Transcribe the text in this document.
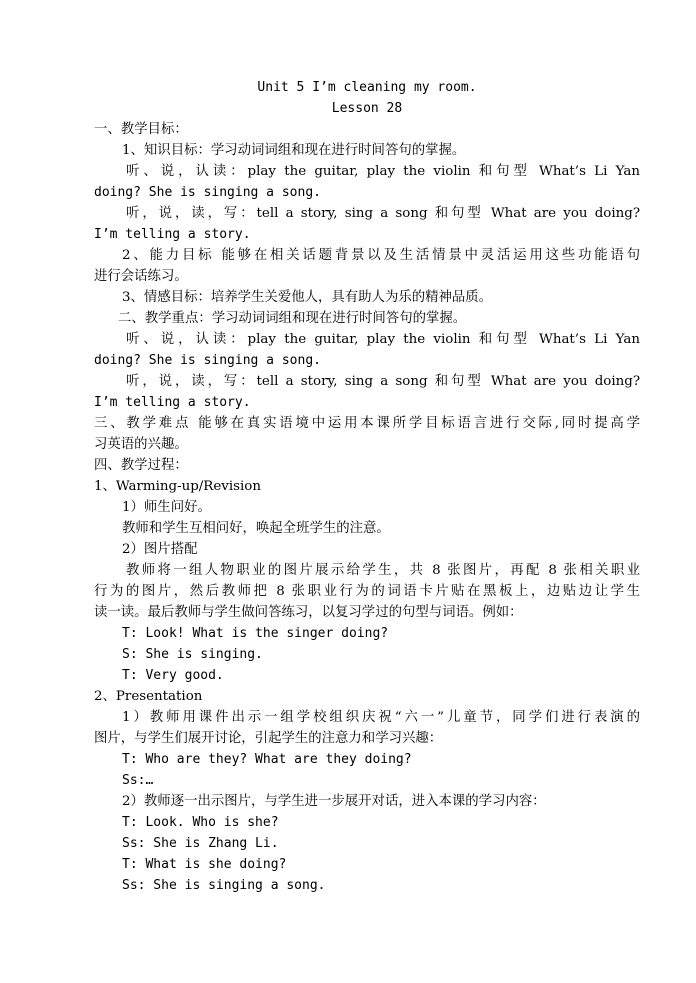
Unit 5 I’m cleaning my room.
Lesson 28
一、教学目标：
1、知识目标：学习动词词组和现在进行时间答句的掌握。
听、说，认读：play the guitar, play the violin 和句型 What’s Li Yan
doing? She is singing a song.
听，说，读，写：tell a story, sing a song 和句型 What are you doing?
I’m telling a story.
2、能力目标 能够在相关话题背景以及生活情景中灵活运用这些功能语句
进行会话练习。
3、情感目标：培养学生关爱他人，具有助人为乐的精神品质。
二、教学重点：学习动词词组和现在进行时间答句的掌握。
听、说，认读：play the guitar, play the violin 和句型 What’s Li Yan
doing? She is singing a song.
听，说，读，写：tell a story, sing a song 和句型 What are you doing?
I’m telling a story.
三、教学难点 能够在真实语境中运用本课所学目标语言进行交际,同时提高学
习英语的兴趣。
四、教学过程：
1、Warming-up/Revision
1）师生问好。
教师和学生互相问好，唤起全班学生的注意。
2）图片搭配
教师将一组人物职业的图片展示给学生，共 8 张图片，再配 8 张相关职业
行为的图片，然后教师把 8 张职业行为的词语卡片贴在黑板上，边贴边让学生
读一读。最后教师与学生做问答练习，以复习学过的句型与词语。例如：
T: Look! What is the singer doing?
S: She is singing.
T: Very good.
2、Presentation
1）教师用课件出示一组学校组织庆祝“六一”儿童节，同学们进行表演的
图片，与学生们展开讨论，引起学生的注意力和学习兴趣：
T: Who are they? What are they doing?
Ss:…
2）教师逐一出示图片，与学生进一步展开对话，进入本课的学习内容：
T: Look. Who is she?
Ss: She is Zhang Li.
T: What is she doing?
Ss: She is singing a song.
